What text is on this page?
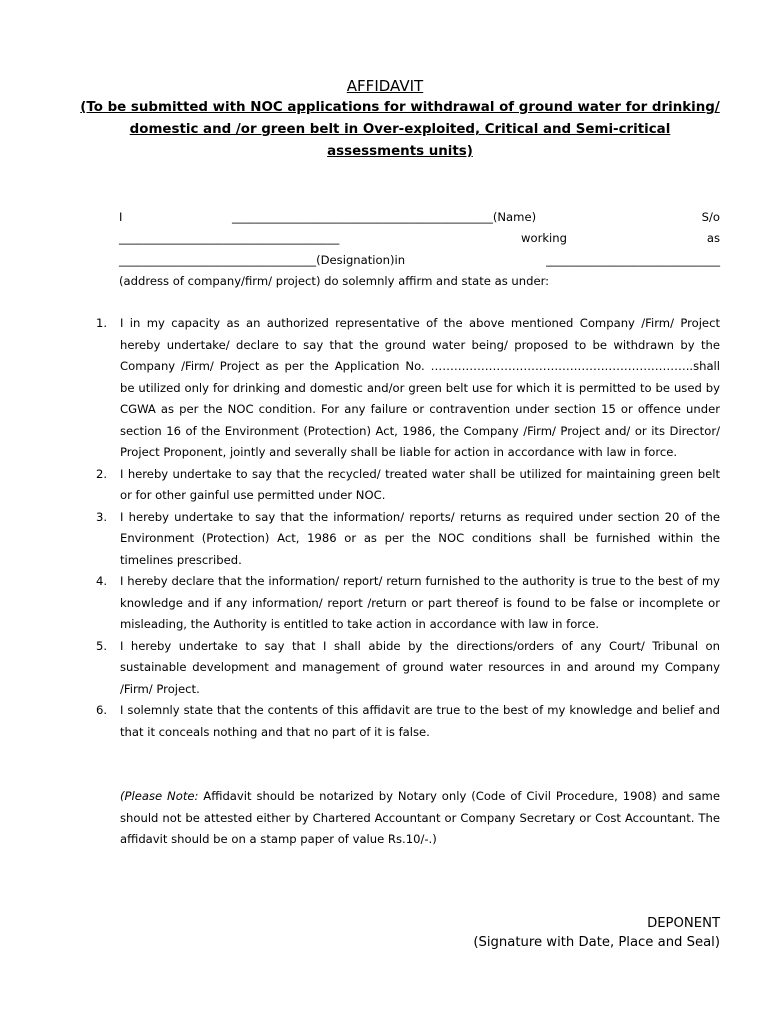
AFFIDAVIT
(To be submitted with NOC applications for withdrawal of ground water for drinking/ domestic and /or green belt in Over-exploited, Critical and Semi-critical assessments units)
I	_____________________________________________(Name)	S/o
______________________________________	working	as
__________________________________(Designation)in	______________________________
(address of company/firm/ project) do solemnly affirm and state as under:
1. I in my capacity as an authorized representative of the above mentioned Company /Firm/ Project hereby undertake/ declare to say that the ground water being/ proposed to be withdrawn by the Company /Firm/ Project as per the Application No. …………………………………………………………..shall be utilized only for drinking and domestic and/or green belt use for which it is permitted to be used by CGWA as per the NOC condition. For any failure or contravention under section 15 or offence under section 16 of the Environment (Protection) Act, 1986, the Company /Firm/ Project and/ or its Director/ Project Proponent, jointly and severally shall be liable for action in accordance with law in force.
2. I hereby undertake to say that the recycled/ treated water shall be utilized for maintaining green belt or for other gainful use permitted under NOC.
3. I hereby undertake to say that the information/ reports/ returns as required under section 20 of the Environment (Protection) Act, 1986 or as per the NOC conditions shall be furnished within the timelines prescribed.
4. I hereby declare that the information/ report/ return furnished to the authority is true to the best of my knowledge and if any information/ report /return or part thereof is found to be false or incomplete or misleading, the Authority is entitled to take action in accordance with law in force.
5. I hereby undertake to say that I shall abide by the directions/orders of any Court/ Tribunal on sustainable development and management of ground water resources in and around my Company /Firm/ Project.
6. I solemnly state that the contents of this affidavit are true to the best of my knowledge and belief and that it conceals nothing and that no part of it is false.
(Please Note: Affidavit should be notarized by Notary only (Code of Civil Procedure, 1908) and same should not be attested either by Chartered Accountant or Company Secretary or Cost Accountant. The affidavit should be on a stamp paper of value Rs.10/-.)
DEPONENT
(Signature with Date, Place and Seal)
